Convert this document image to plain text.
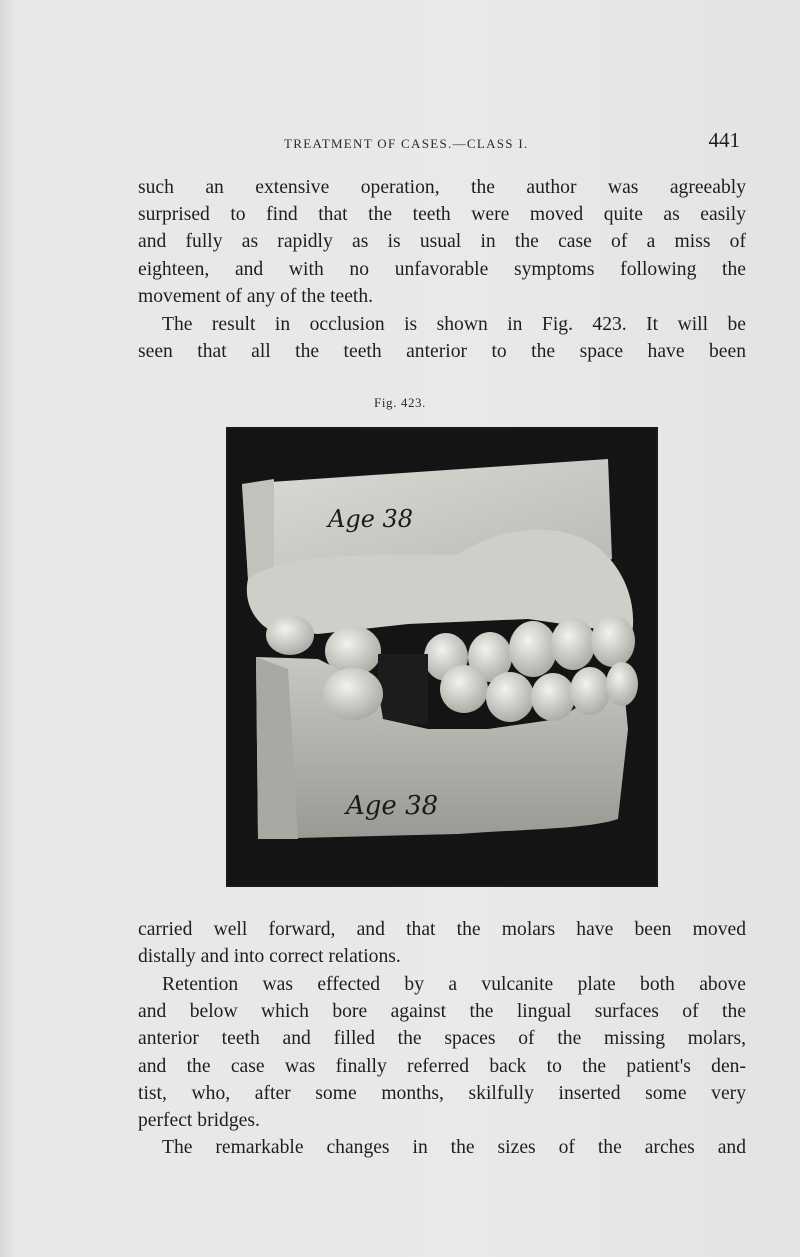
TREATMENT OF CASES.—CLASS I.	441
such an extensive operation, the author was agreeably
surprised to find that the teeth were moved quite as easily
and fully as rapidly as is usual in the case of a miss of
eighteen, and with no unfavorable symptoms following the
movement of any of the teeth.
The result in occlusion is shown in Fig. 423. It will be
seen that all the teeth anterior to the space have been
Fig. 423.
Age 38
Age 38
carried well forward, and that the molars have been moved
distally and into correct relations.
Retention was effected by a vulcanite plate both above
and below which bore against the lingual surfaces of the
anterior teeth and filled the spaces of the missing molars,
and the case was finally referred back to the patient's den-
tist, who, after some months, skilfully inserted some very
perfect bridges.
The remarkable changes in the sizes of the arches and
